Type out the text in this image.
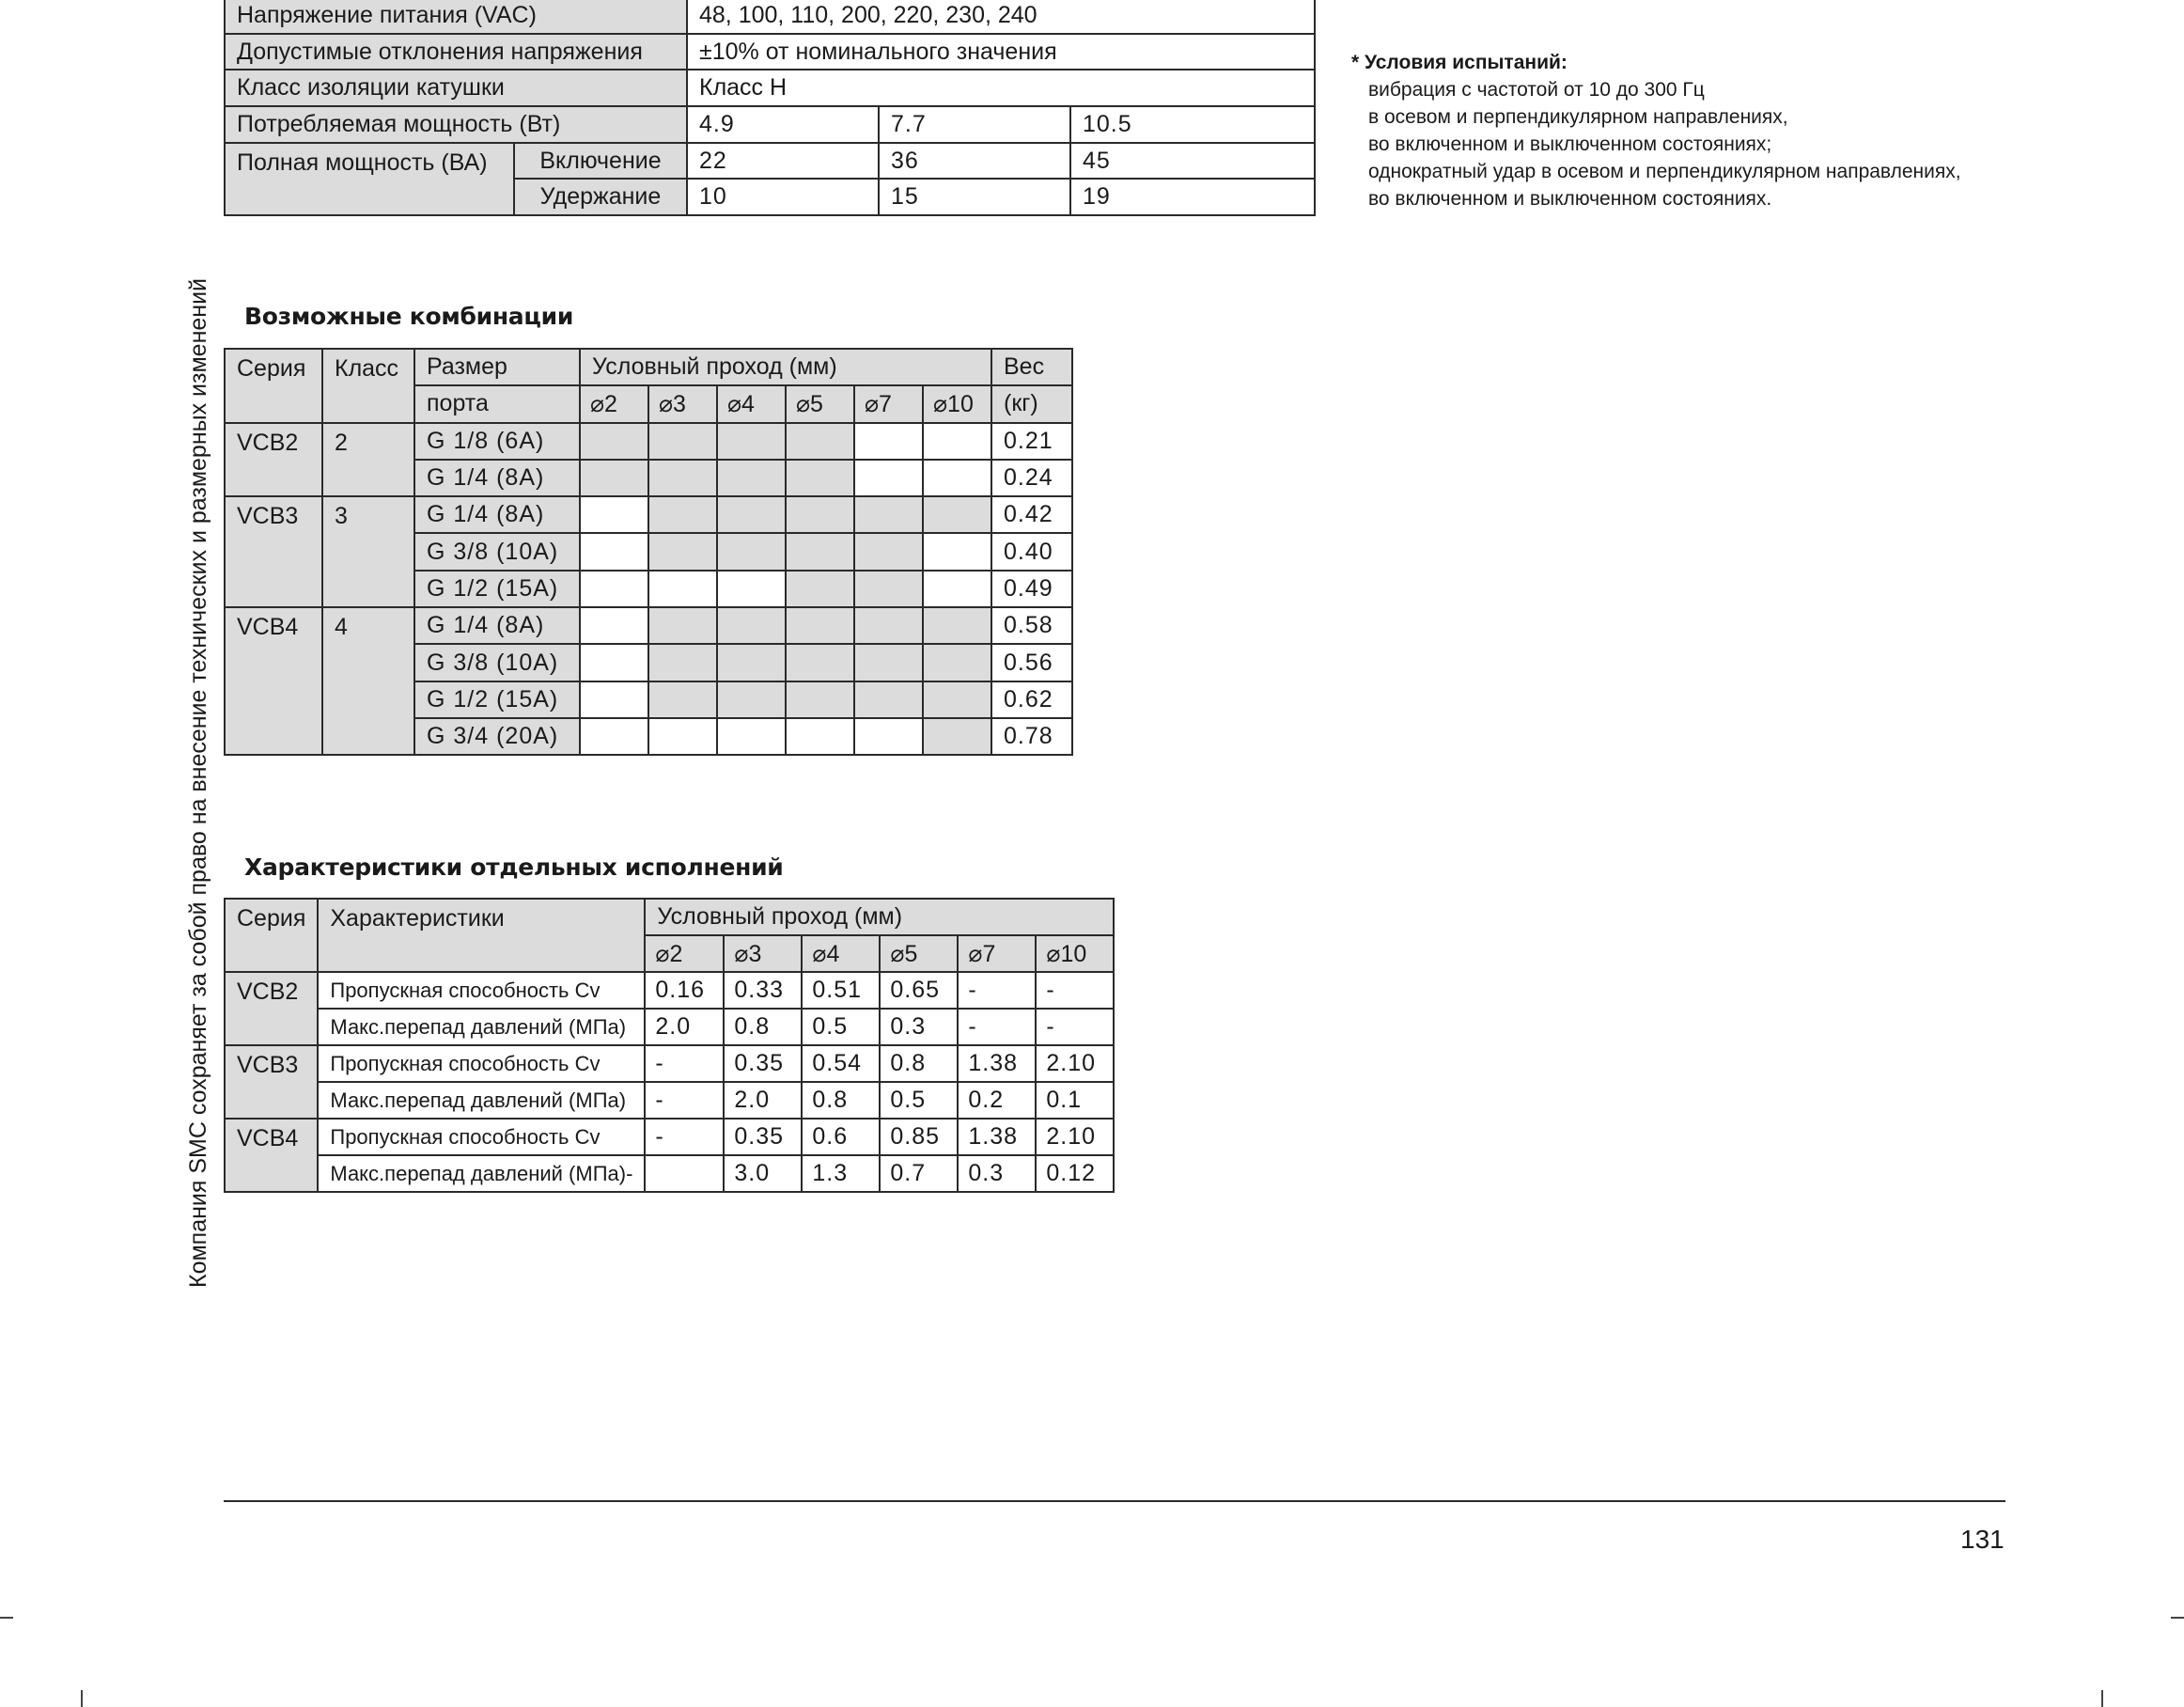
Напряжение питания (VAC)		48, 100, 110, 200, 220, 230, 240		
Допустимые отклонения напряжения		±10% от номинального значения		
Класс изоляции катушки		Класс H		
Потребляемая мощность (Вт)		4.9	7.7	10.5
Полная мощность (ВА)	Включение	22	36	45
	Удержание	10	15	19
* Условия испытаний:
вибрация с частотой от 10 до 300 Гц
в осевом и перпендикулярном направлениях,
во включенном и выключенном состояниях;
однократный удар в осевом и перпендикулярном направлениях,
во включенном и выключенном состояниях.
Возможные комбинации
Серия	Класс	Размер	Условный проход (мм)						Вес
		порта	⌀2	⌀3	⌀4	⌀5	⌀7	⌀10	(кг)
VCB2	2	G 1/8 (6A)							0.21
		G 1/4 (8A)							0.24
VCB3	3	G 1/4 (8A)							0.42
		G 3/8 (10A)							0.40
		G 1/2 (15A)							0.49
VCB4	4	G 1/4 (8A)							0.58
		G 3/8 (10A)							0.56
		G 1/2 (15A)							0.62
		G 3/4 (20A)							0.78
Характеристики отдельных исполнений
Серия	Характеристики	Условный проход (мм)					
		⌀2	⌀3	⌀4	⌀5	⌀7	⌀10
VCB2	Пропускная способность Cv	0.16	0.33	0.51	0.65	-	-
	Макс.перепад давлений (МПа)	2.0	0.8	0.5	0.3	-	-
VCB3	Пропускная способность Cv	-	0.35	0.54	0.8	1.38	2.10
	Макс.перепад давлений (МПа)	-	2.0	0.8	0.5	0.2	0.1
VCB4	Пропускная способность Cv	-	0.35	0.6	0.85	1.38	2.10
	Макс.перепад давлений (МПа)-		3.0	1.3	0.7	0.3	0.12
Компания SMC сохраняет за собой право на внесение технических и размерных изменений
131
